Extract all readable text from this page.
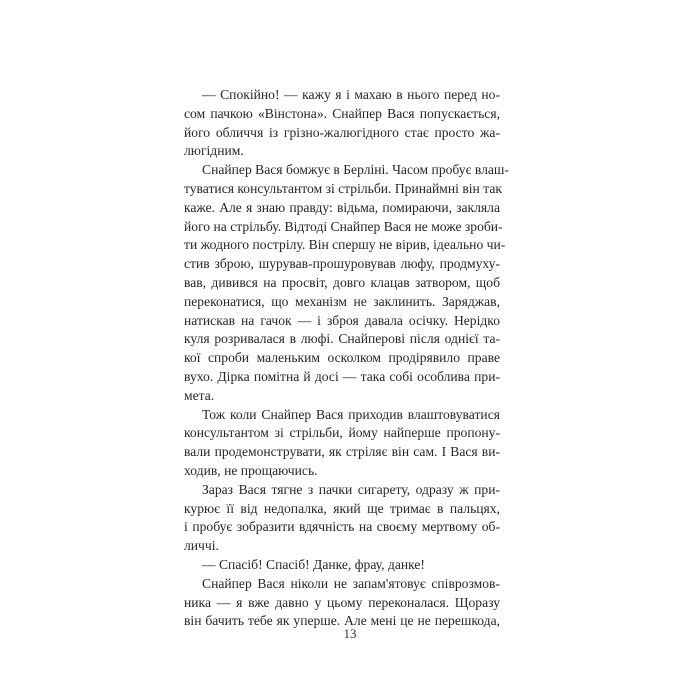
— Спокійно! — кажу я і махаю в нього перед но-
сом пачкою «Вінстона». Снайпер Вася попускається,
його обличчя із грізно-жалюгідного стає просто жа-
люгідним.
Снайпер Вася бомжує в Берліні. Часом пробує влаш-
туватися консультантом зі стрільби. Принаймні він так
каже. Але я знаю правду: відьма, помираючи, закляла
його на стрільбу. Відтоді Снайпер Вася не може зроби-
ти жодного пострілу. Він спершу не вірив, ідеально чи-
стив зброю, шурував-прошуровував люфу, продмуху-
вав, дивився на просвіт, довго клацав затвором, щоб
переконатися, що механізм не заклинить. Заряджав,
натискав на гачок — і зброя давала осічку. Нерідко
куля розривалася в люфі. Снайперові після однієї та-
кої спроби маленьким осколком продірявило праве
вухо. Дірка помітна й досі — така собі особлива при-
мета.
Тож коли Снайпер Вася приходив влаштовуватися
консультантом зі стрільби, йому найперше пропону-
вали продемонструвати, як стріляє він сам. І Вася ви-
ходив, не прощаючись.
Зараз Вася тягне з пачки сигарету, одразу ж при-
курює її від недопалка, який ще тримає в пальцях,
і пробує зобразити вдячність на своєму мертвому об-
личчі.
— Спасіб! Спасіб! Данке, фрау, данке!
Снайпер Вася ніколи не запам'ятовує співрозмов-
ника — я вже давно у цьому переконалася. Щоразу
він бачить тебе як уперше. Але мені це не перешкода,
13
